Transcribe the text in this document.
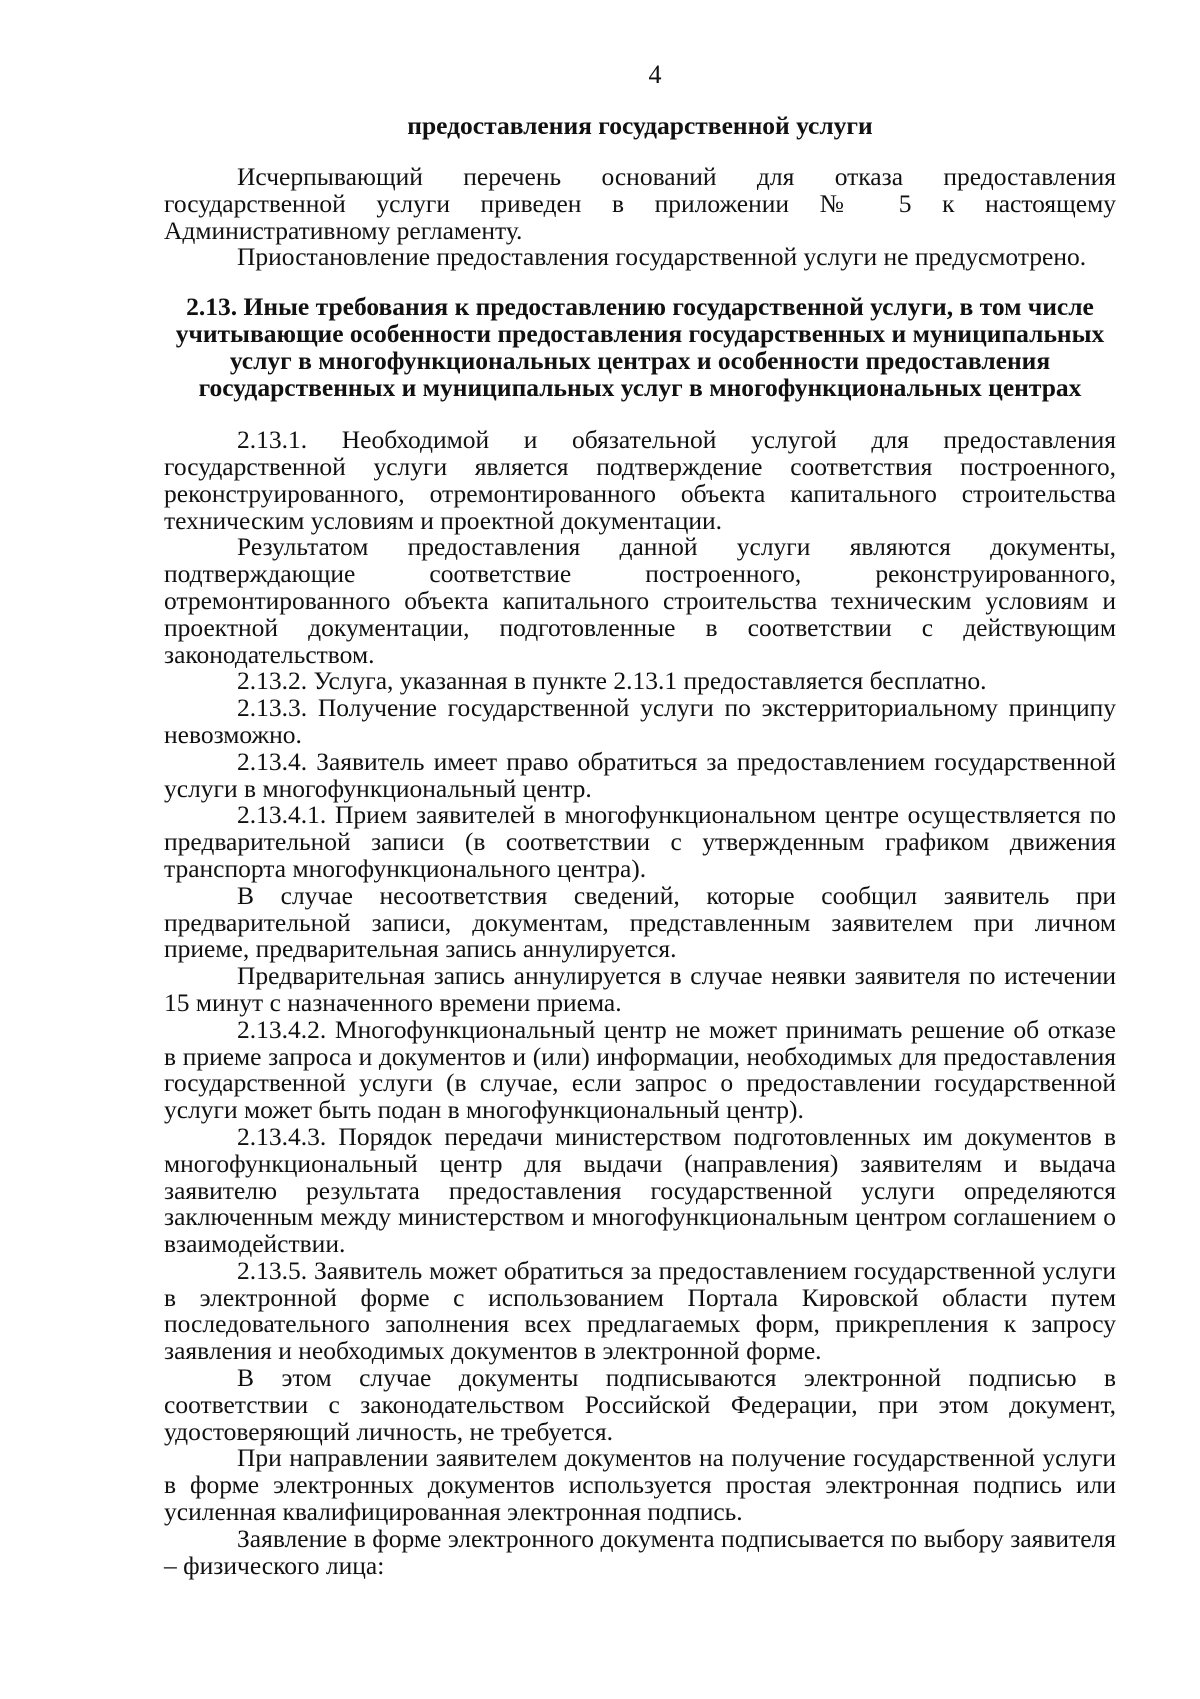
4
предоставления государственной услуги

Исчерпывающий перечень оснований для отказа предоставления государственной услуги приведен в приложении № 5 к настоящему Административному регламенту.

Приостановление предоставления государственной услуги не предусмотрено.

2.13. Иные требования к предоставлению государственной услуги, в том числе учитывающие особенности предоставления государственных и муниципальных услуг в многофункциональных центрах и особенности предоставления государственных и муниципальных услуг в многофункциональных центрах

2.13.1. Необходимой и обязательной услугой для предоставления государственной услуги является подтверждение соответствия построенного, реконструированного, отремонтированного объекта капитального строительства техническим условиям и проектной документации.

Результатом предоставления данной услуги являются документы, подтверждающие соответствие построенного, реконструированного, отремонтированного объекта капитального строительства техническим условиям и проектной документации, подготовленные в соответствии с действующим законодательством.

2.13.2. Услуга, указанная в пункте 2.13.1 предоставляется бесплатно.

2.13.3. Получение государственной услуги по экстерриториальному принципу невозможно.

2.13.4. Заявитель имеет право обратиться за предоставлением государственной услуги в многофункциональный центр.

2.13.4.1. Прием заявителей в многофункциональном центре осуществляется по предварительной записи (в соответствии с утвержденным графиком движения транспорта многофункционального центра).

В случае несоответствия сведений, которые сообщил заявитель при предварительной записи, документам, представленным заявителем при личном приеме, предварительная запись аннулируется.

Предварительная запись аннулируется в случае неявки заявителя по истечении 15 минут с назначенного времени приема.

2.13.4.2. Многофункциональный центр не может принимать решение об отказе в приеме запроса и документов и (или) информации, необходимых для предоставления государственной услуги (в случае, если запрос о предоставлении государственной услуги может быть подан в многофункциональный центр).

2.13.4.3. Порядок передачи министерством подготовленных им документов в многофункциональный центр для выдачи (направления) заявителям и выдача заявителю результата предоставления государственной услуги определяются заключенным между министерством и многофункциональным центром соглашением о взаимодействии.

2.13.5. Заявитель может обратиться за предоставлением государственной услуги в электронной форме с использованием Портала Кировской области путем последовательного заполнения всех предлагаемых форм, прикрепления к запросу заявления и необходимых документов в электронной форме.

В этом случае документы подписываются электронной подписью в соответствии с законодательством Российской Федерации, при этом документ, удостоверяющий личность, не требуется.

При направлении заявителем документов на получение государственной услуги в форме электронных документов используется простая электронная подпись или усиленная квалифицированная электронная подпись.

Заявление в форме электронного документа подписывается по выбору заявителя – физического лица:
